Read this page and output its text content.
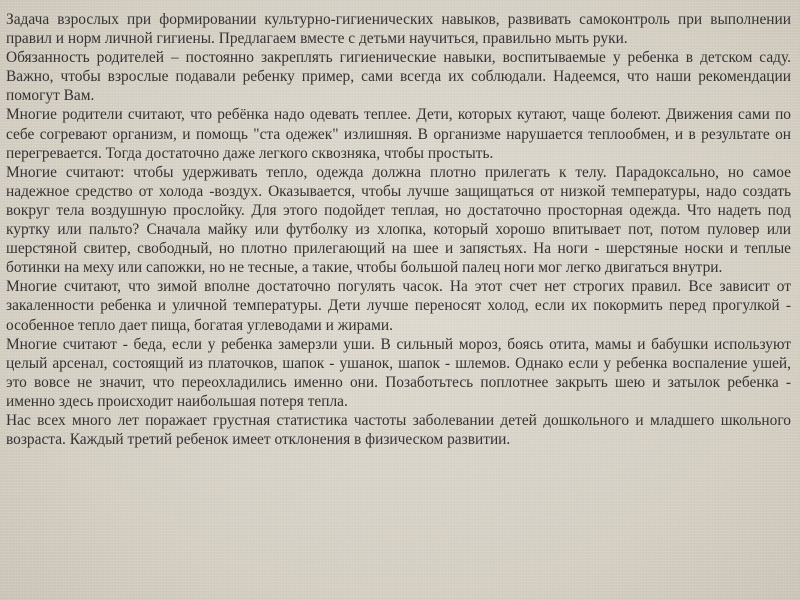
Задача взрослых при формировании культурно-гигиенических навыков, развивать самоконтроль при выполнении правил и норм личной гигиены. Предлагаем вместе с детьми научиться, правильно мыть руки.

Обязанность родителей – постоянно закреплять гигиенические навыки, воспитываемые у ребенка в детском саду. Важно, чтобы взрослые подавали ребенку пример, сами всегда их соблюдали. Надеемся, что наши рекомендации помогут Вам.

Многие родители считают, что ребёнка надо одевать теплее. Дети, которых кутают, чаще болеют. Движения сами по себе согревают организм, и помощь "ста одежек" излишняя. В организме нарушается теплообмен, и в результате он перегревается. Тогда достаточно даже легкого сквозняка, чтобы простыть.

Многие считают: чтобы удерживать тепло, одежда должна плотно прилегать к телу. Парадоксально, но самое надежное средство от холода -воздух. Оказывается, чтобы лучше защищаться от низкой температуры, надо создать вокруг тела воздушную прослойку. Для этого подойдет теплая, но достаточно просторная одежда. Что надеть под куртку или пальто? Сначала майку или футболку из хлопка, который хорошо впитывает пот, потом пуловер или шерстяной свитер, свободный, но плотно прилегающий на шее и запястьях. На ноги - шерстяные носки и теплые ботинки на меху или сапожки, но не тесные, а такие, чтобы большой палец ноги мог легко двигаться внутри.

Многие считают, что зимой вполне достаточно погулять часок. На этот счет нет строгих правил. Все зависит от закаленности ребенка и уличной температуры. Дети лучше переносят холод, если их покормить перед прогулкой - особенное тепло дает пища, богатая углеводами и жирами.

Многие считают - беда, если у ребенка замерзли уши. В сильный мороз, боясь отита, мамы и бабушки используют целый арсенал, состоящий из платочков, шапок - ушанок, шапок - шлемов. Однако если у ребенка воспаление ушей, это вовсе не значит, что переохладились именно они. Позаботьтесь поплотнее закрыть шею и затылок ребенка - именно здесь происходит наибольшая потеря тепла.

Нас всех много лет поражает грустная статистика частоты заболевании детей дошкольного и младшего школьного возраста. Каждый третий ребенок имеет отклонения в физическом развитии.
